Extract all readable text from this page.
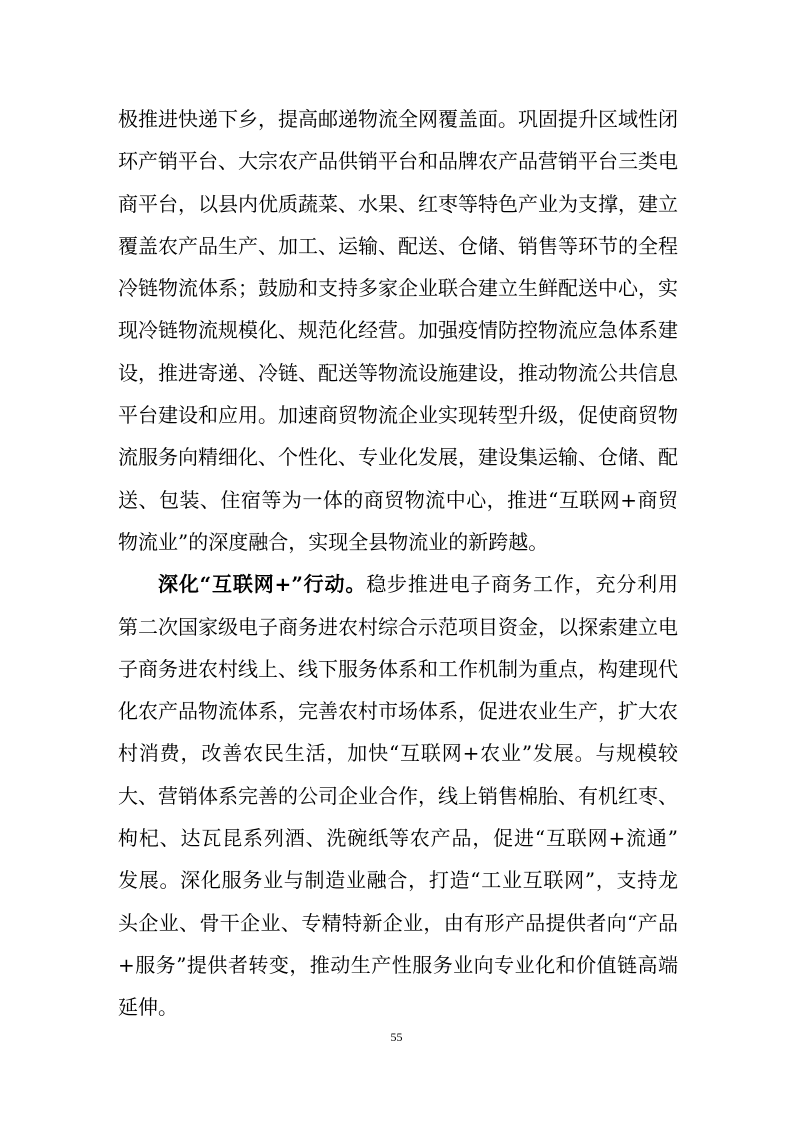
极推进快递下乡，提高邮递物流全网覆盖面。巩固提升区域性闭
环产销平台、大宗农产品供销平台和品牌农产品营销平台三类电
商平台，以县内优质蔬菜、水果、红枣等特色产业为支撑，建立
覆盖农产品生产、加工、运输、配送、仓储、销售等环节的全程
冷链物流体系；鼓励和支持多家企业联合建立生鲜配送中心，实
现冷链物流规模化、规范化经营。加强疫情防控物流应急体系建
设，推进寄递、冷链、配送等物流设施建设，推动物流公共信息
平台建设和应用。加速商贸物流企业实现转型升级，促使商贸物
流服务向精细化、个性化、专业化发展，建设集运输、仓储、配
送、包装、住宿等为一体的商贸物流中心，推进“互联网+商贸
物流业”的深度融合，实现全县物流业的新跨越。
深化“互联网+”行动。稳步推进电子商务工作，充分利用
第二次国家级电子商务进农村综合示范项目资金，以探索建立电
子商务进农村线上、线下服务体系和工作机制为重点，构建现代
化农产品物流体系，完善农村市场体系，促进农业生产，扩大农
村消费，改善农民生活，加快“互联网+农业”发展。与规模较
大、营销体系完善的公司企业合作，线上销售棉胎、有机红枣、
枸杞、达瓦昆系列酒、洗碗纸等农产品，促进“互联网+流通”
发展。深化服务业与制造业融合，打造“工业互联网”，支持龙
头企业、骨干企业、专精特新企业，由有形产品提供者向“产品
+服务”提供者转变，推动生产性服务业向专业化和价值链高端
延伸。
55
